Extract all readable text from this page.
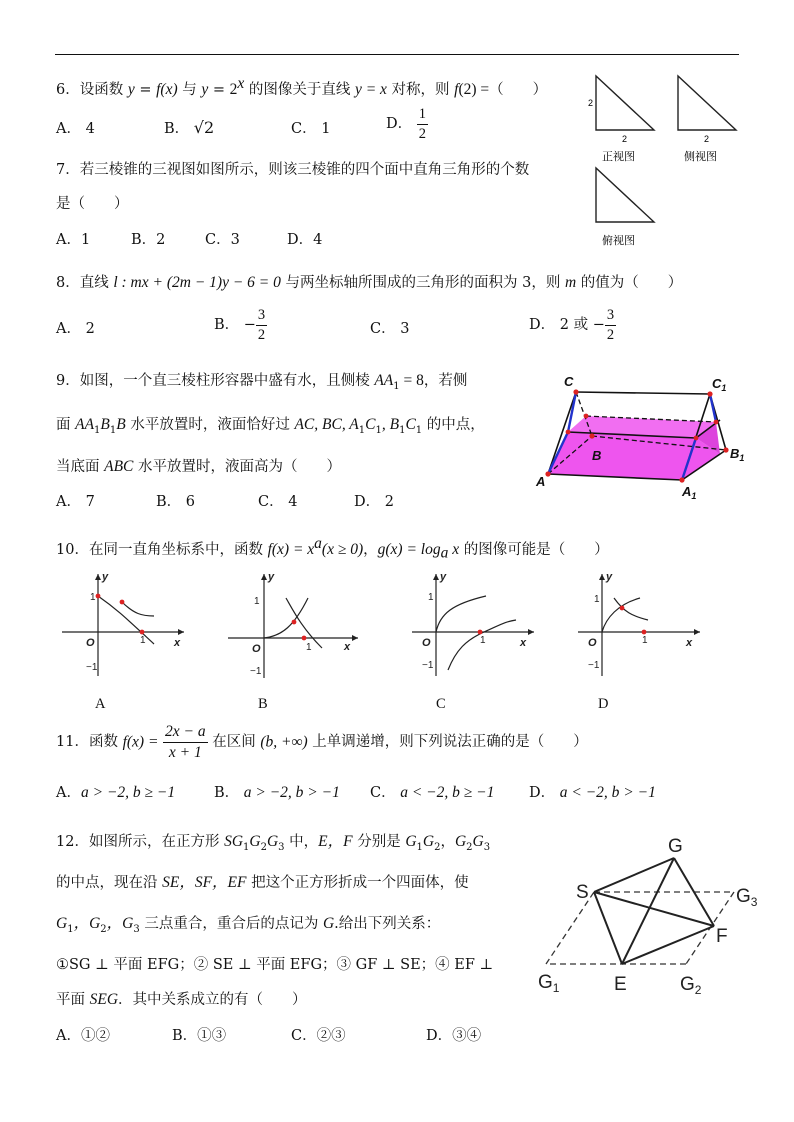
6．设函数 y = f(x) 与 $y = 2^x$ 的图像关于直线 y = x 对称，则 f(2) =（　　）
A． 4	B． √2	C． 1	D． $\frac{1}{2}$
2
2	2
正视图	侧视图
俯视图
7．若三棱锥的三视图如图所示，则该三棱锥的四个面中直角三角形的个数
是（　　）
A．1	B．2	C．3	D．4
8．直线 l : mx + (2m − 1)y − 6 = 0 与两坐标轴所围成的三角形的面积为 3，则 m 的值为（　　）
A． 2	B． − $\frac{3}{2}$	C． 3	D． 2 或 − $\frac{3}{2}$
9．如图，一个直三棱柱形容器中盛有水，且侧棱 $AA_1 = 8$，若侧
面 $AA_1B_1B$ 水平放置时，液面恰好过 AC, BC, $A_1C_1$, $B_1C_1$ 的中点，
当底面 ABC 水平放置时，液面高为（　　）
A． 7	B． 6	C． 4	D． 2
C	$C_1$
B	$B_1$
A
$A_1$
10．在同一直角坐标系中，函数 $f(x) = x^a(x \ge 0)$，$g(x) = \log_a x$ 的图像可能是（　　）
y
x
O
1
1
−1
A
y
x
O
1
1
−1
B
y
x
O
1
1
−1
C
y
x
O
1
1
−1
D
11．函数 $f(x) = \frac{2x - a}{x + 1}$ 在区间 (b, +∞) 上单调递增，则下列说法正确的是（　　）
A．a > −2, b ≥ −1	B． a > −2, b > −1 C． a < −2, b ≥ −1 D． a < −2, b > −1
12．如图所示，在正方形 $SG_1G_2G_3$ 中，E，F 分别是 $G_1G_2$，$G_2G_3$
的中点，现在沿 SE，SF，EF 把这个正方形折成一个四面体，使
$G_1$，$G_2$，$G_3$ 三点重合，重合后的点记为 G.给出下列关系：
①SG ⊥ 平面 EFG；② SE ⊥ 平面 EFG；③ GF ⊥ SE；④ EF ⊥
平面 SEG．其中关系成立的有（　　）
A．①②	B．①③	C．②③	D．③④
G
S	$G_3$
F
$G_1$	E	$G_2$
